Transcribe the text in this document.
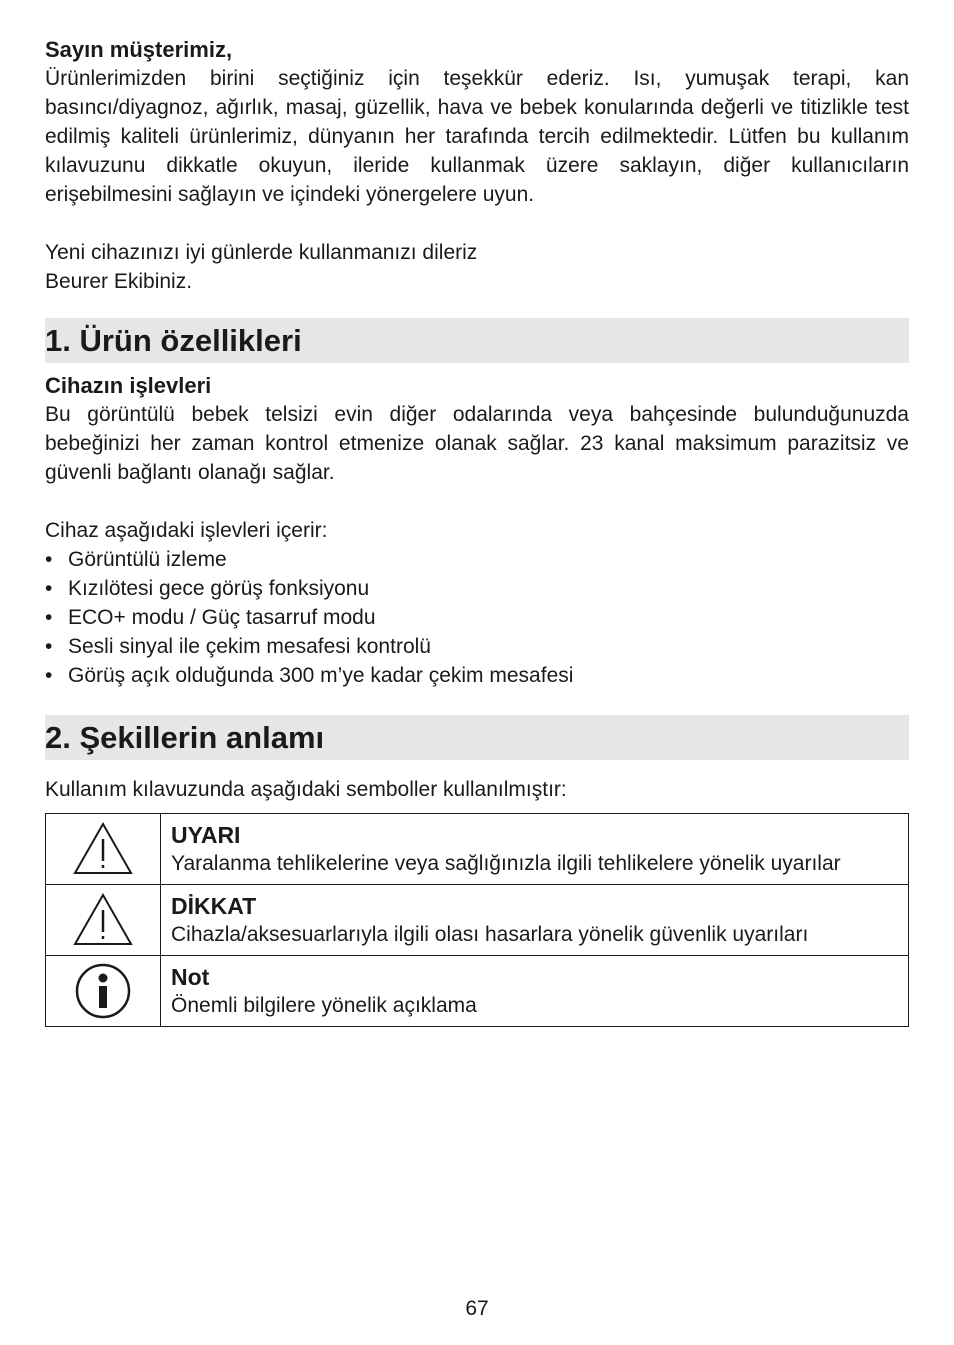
Sayın müşterimiz,

Ürünlerimizden birini seçtiğiniz için teşekkür ederiz. Isı, yumuşak terapi, kan basıncı/diyagnoz, ağırlık, masaj, güzellik, hava ve bebek konularında değerli ve titizlikle test edilmiş kaliteli ürünlerimiz, dünyanın her tarafında tercih edilmektedir. Lütfen bu kullanım kılavuzunu dikkatle okuyun, ileride kullanmak üzere saklayın, diğer kullanıcıların erişebilmesini sağlayın ve içindeki yönergelere uyun.

Yeni cihazınızı iyi günlerde kullanmanızı dileriz

Beurer Ekibiniz.

1. Ürün özellikleri
Cihazın işlevleri

Bu görüntülü bebek telsizi evin diğer odalarında veya bahçesinde bulunduğunuzda bebeğinizi her zaman kontrol etmenize olanak sağlar. 23 kanal maksimum parazitsiz ve güvenli bağlantı olanağı sağlar.

Cihaz aşağıdaki işlevleri içerir:

• Görüntülü izleme
• Kızılötesi gece görüş fonksiyonu
• ECO+ modu / Güç tasarruf modu
• Sesli sinyal ile çekim mesafesi kontrolü
• Görüş açık olduğunda 300 m’ye kadar çekim mesafesi
2. Şekillerin anlamı

Kullanım kılavuzunda aşağıdaki semboller kullanılmıştır:

UYARI
Yaralanma tehlikelerine veya sağlığınızla ilgili tehlikelere yönelik uyarılar

DİKKAT
Cihazla/aksesuarlarıyla ilgili olası hasarlara yönelik güvenlik uyarıları

Not
Önemli bilgilere yönelik açıklama
67
